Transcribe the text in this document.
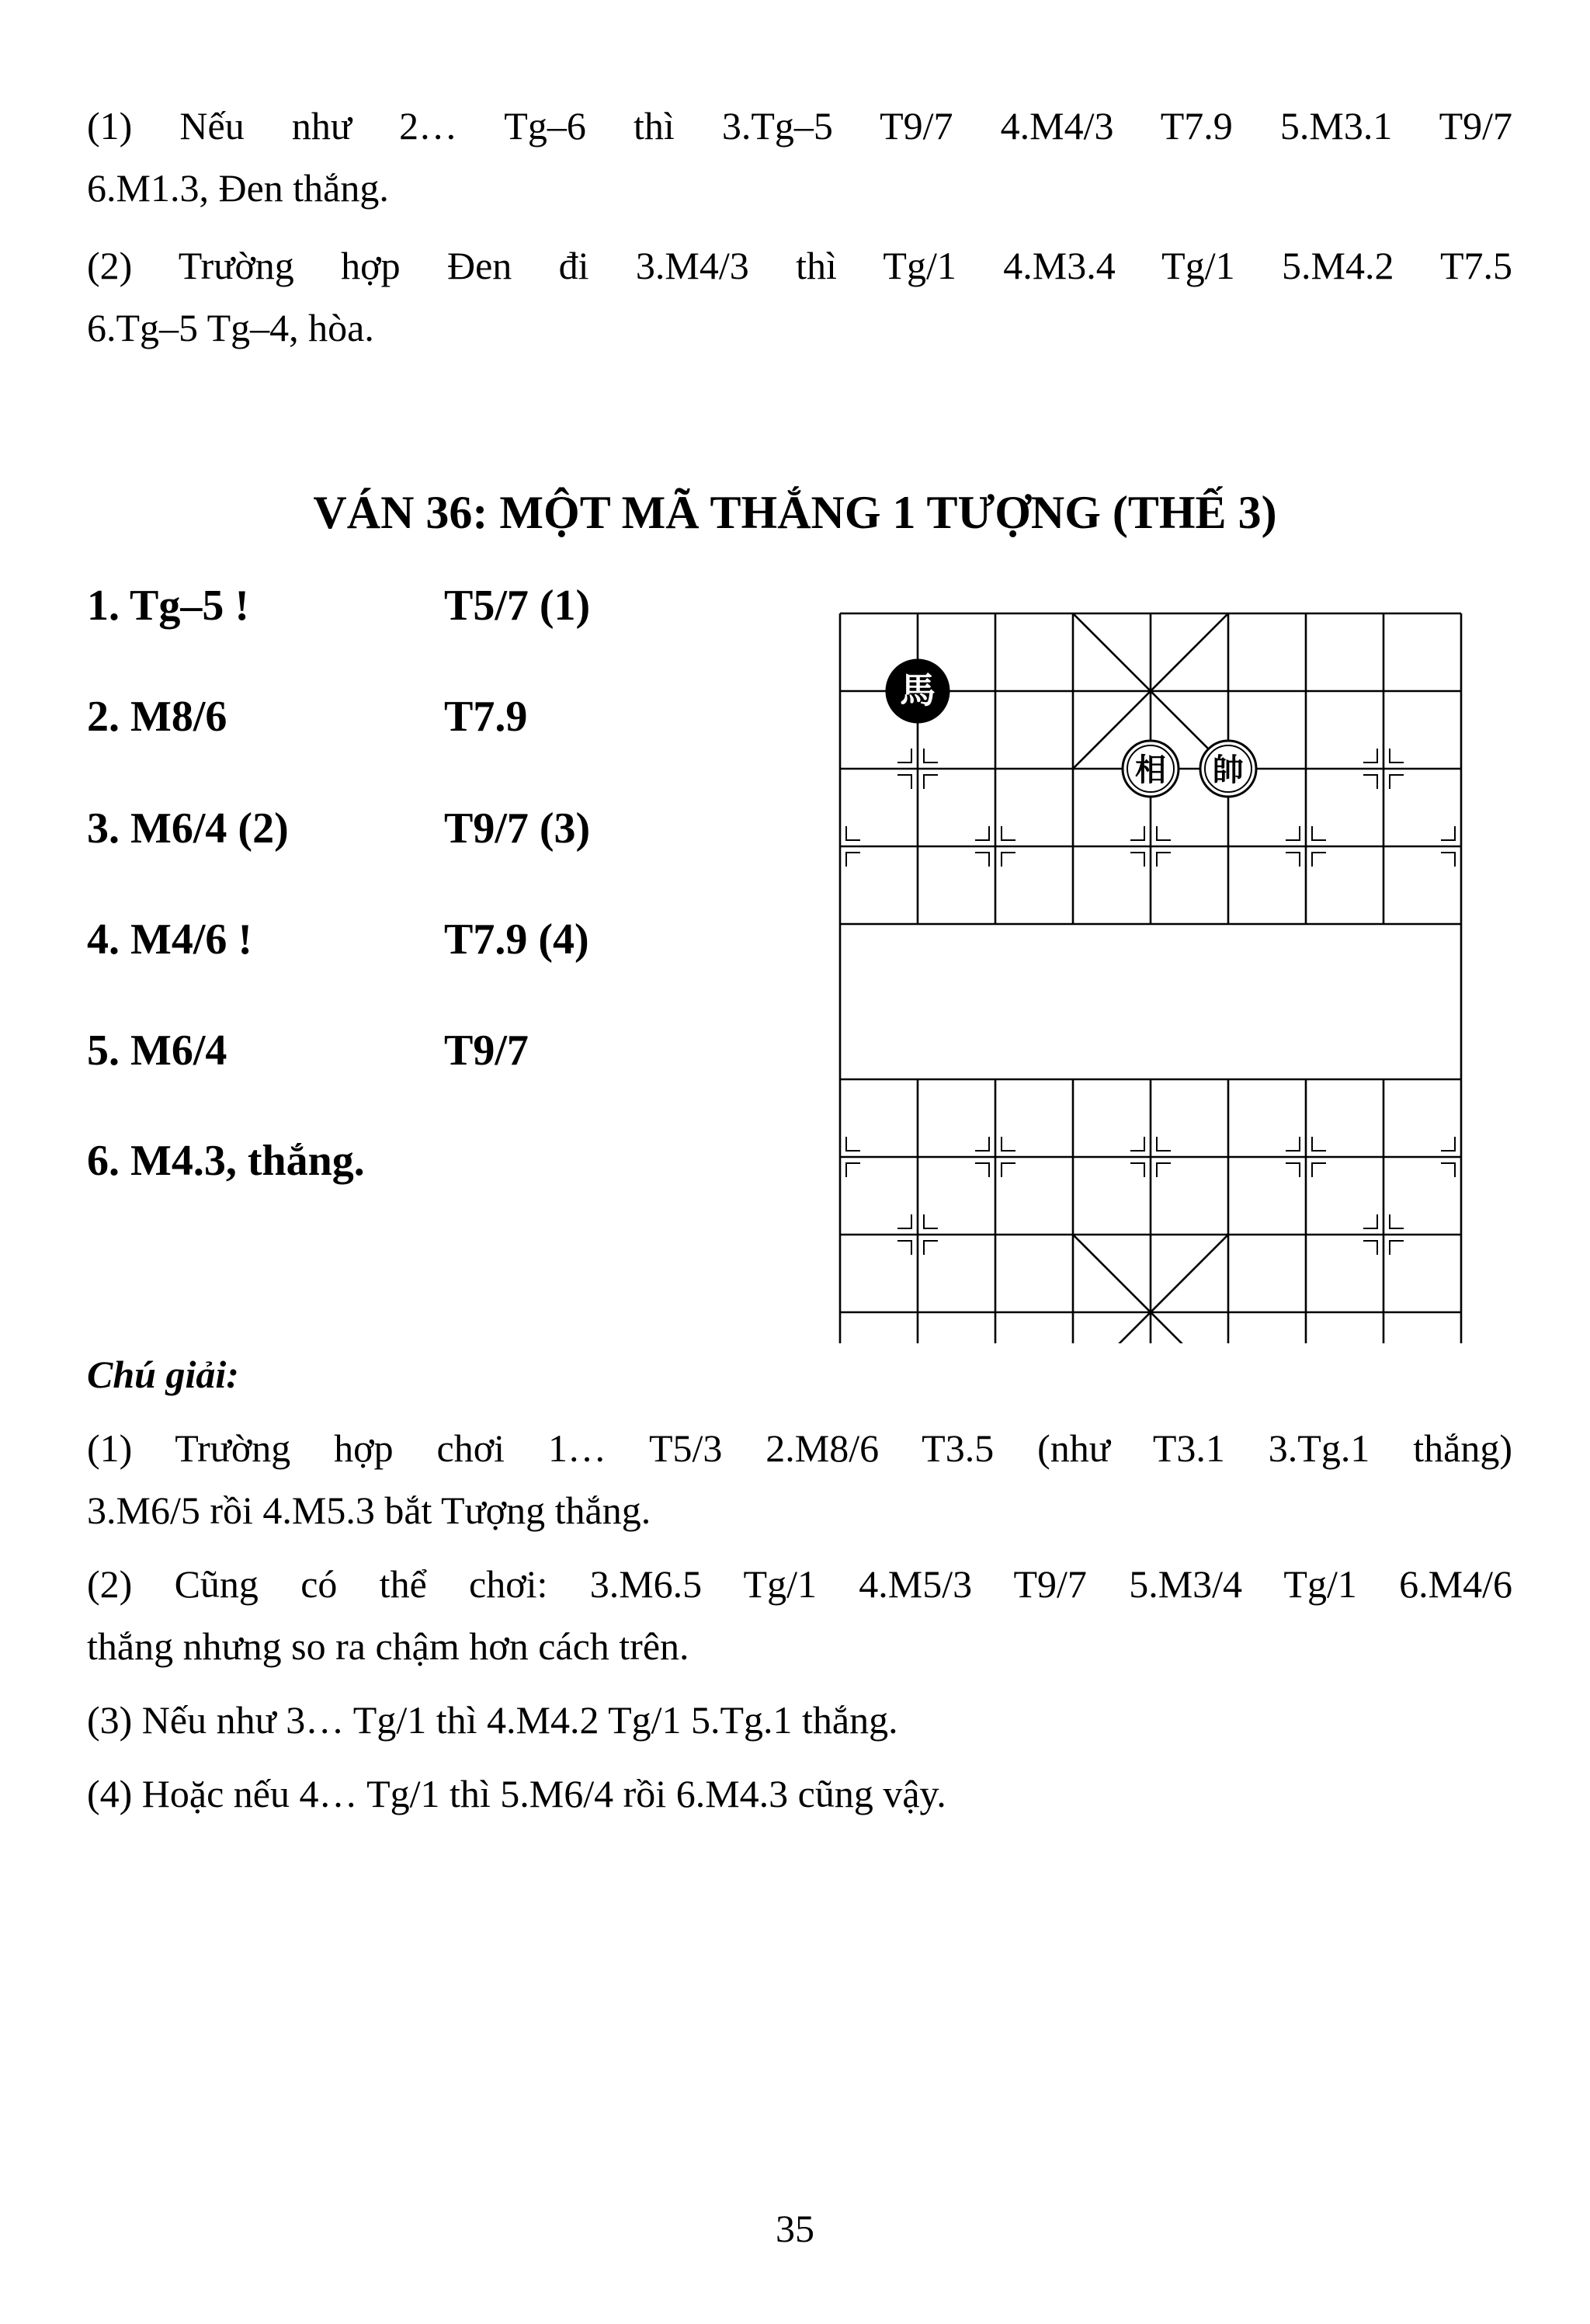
(1) Nếu như 2… Tg–6 thì 3.Tg–5 T9/7 4.M4/3 T7.9 5.M3.1 T9/7
6.M1.3, Đen thắng.
(2) Trường hợp Đen đi 3.M4/3 thì Tg/1 4.M3.4 Tg/1 5.M4.2 T7.5
6.Tg–5 Tg–4, hòa.
VÁN 36: MỘT MÃ THẮNG 1 TƯỢNG (THẾ 3)
1. Tg–5 !	T5/7 (1)
2. M8/6	T7.9
3. M6/4 (2)	T9/7 (3)
4. M4/6 !	T7.9 (4)
5. M6/4	T9/7
6. M4.3, thắng.
馬
相 帥
Chú giải:
(1) Trường hợp chơi 1… T5/3 2.M8/6 T3.5 (như T3.1 3.Tg.1 thắng)
3.M6/5 rồi 4.M5.3 bắt Tượng thắng.
(2) Cũng có thể chơi: 3.M6.5 Tg/1 4.M5/3 T9/7 5.M3/4 Tg/1 6.M4/6
thắng nhưng so ra chậm hơn cách trên.
(3) Nếu như 3… Tg/1 thì 4.M4.2 Tg/1 5.Tg.1 thắng.
(4) Hoặc nếu 4… Tg/1 thì 5.M6/4 rồi 6.M4.3 cũng vậy.
35
